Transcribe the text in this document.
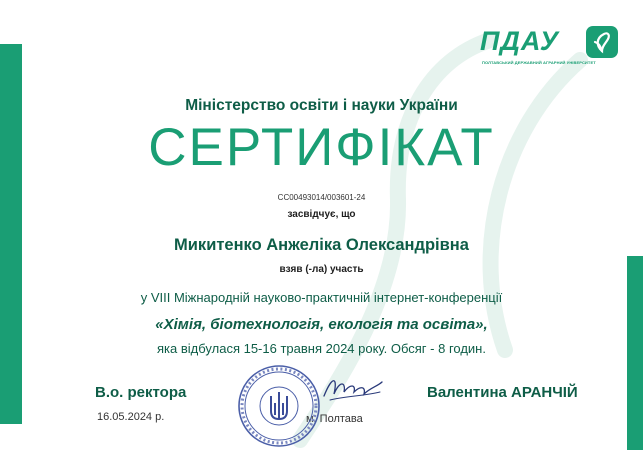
ПДАУ
ПОЛТАВСЬКИЙ ДЕРЖАВНИЙ АГРАРНИЙ УНІВЕРСИТЕТ
Міністерство освіти і науки України
СЕРТИФІКАТ
СС00493014/003601-24
засвідчує, що
Микитенко Анжеліка Олександрівна
взяв (-ла) участь
у VIII Міжнародній науково-практичній інтернет-конференції
«Хімія, біотехнологія, екологія та освіта»,
яка відбулася 15-16 травня 2024 року. Обсяг - 8 годин.
В.о. ректора
16.05.2024 р.
Валентина АРАНЧІЙ
м. Полтава
